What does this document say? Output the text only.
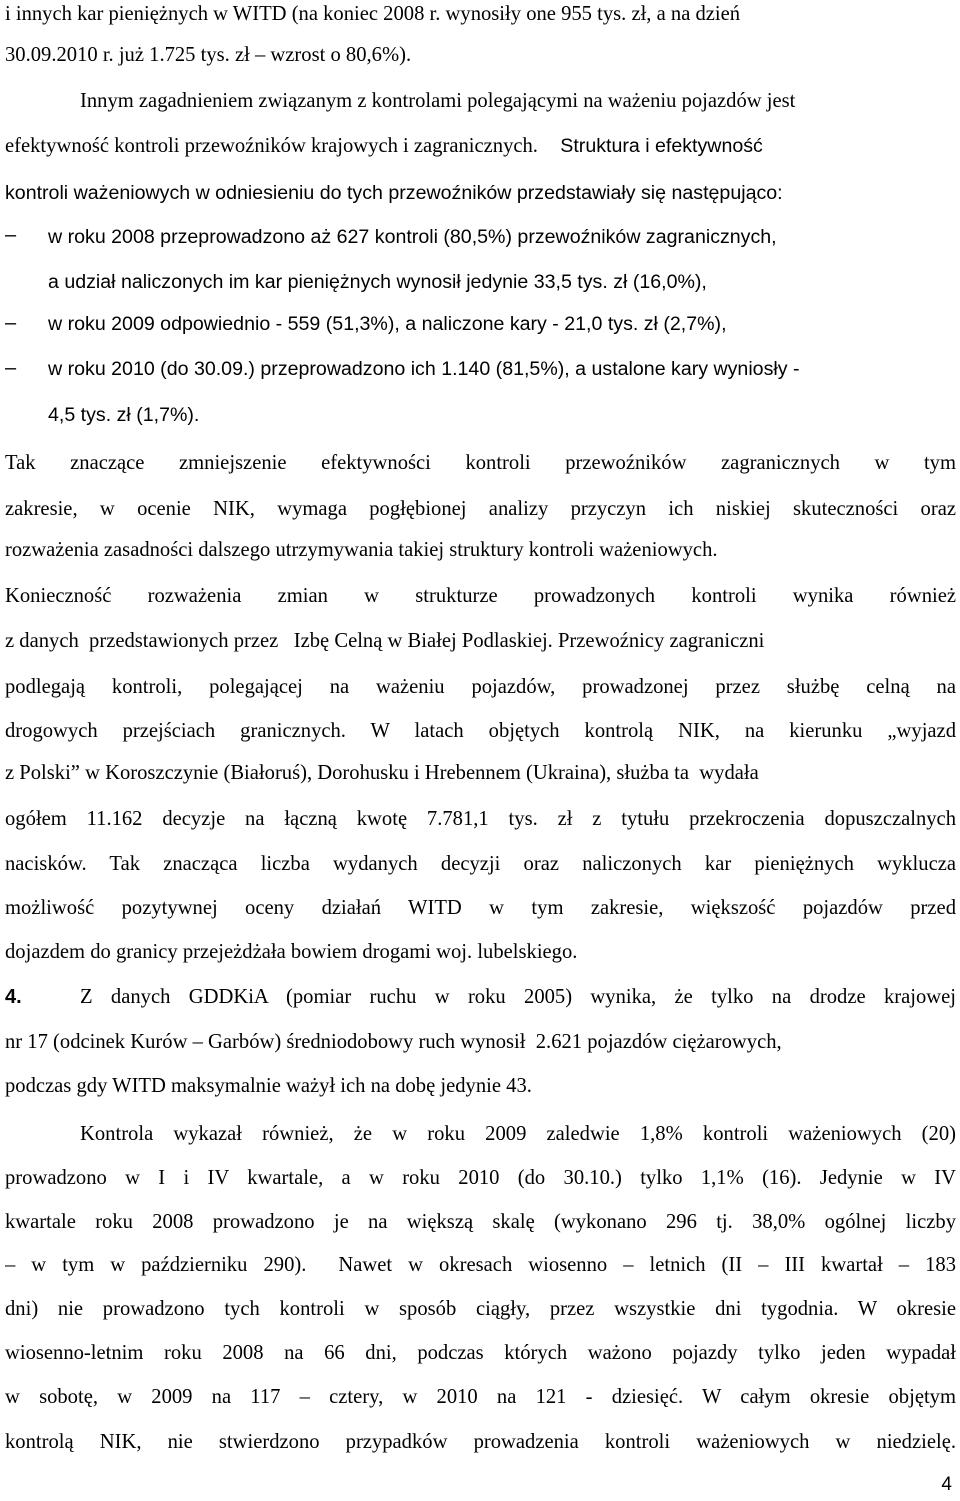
i innych kar pieniężnych w WITD (na koniec 2008 r. wynosiły one 955 tys. zł, a na dzień
30.09.2010 r. już 1.725 tys. zł – wzrost o 80,6%).
Innym zagadnieniem związanym z kontrolami polegającymi na ważeniu pojazdów jest
efektywność kontroli przewoźników krajowych i zagranicznych. Struktura i efektywność
kontroli ważeniowych w odniesieniu do tych przewoźników przedstawiały się następująco:
–	w roku 2008 przeprowadzono aż 627 kontroli (80,5%) przewoźników zagranicznych,
a udział naliczonych im kar pieniężnych wynosił jedynie 33,5 tys. zł (16,0%),
–	w roku 2009 odpowiednio - 559 (51,3%), a naliczone kary - 21,0 tys. zł (2,7%),
–	w roku 2010 (do 30.09.) przeprowadzono ich 1.140 (81,5%), a ustalone kary wyniosły -
4,5 tys. zł (1,7%).
Tak znaczące zmniejszenie efektywności kontroli przewoźników zagranicznych w tym
zakresie, w ocenie NIK, wymaga pogłębionej analizy przyczyn ich niskiej skuteczności oraz
rozważenia zasadności dalszego utrzymywania takiej struktury kontroli ważeniowych.
Konieczność rozważenia zmian w strukturze prowadzonych kontroli wynika również
z danych  przedstawionych przez   Izbę Celną w Białej Podlaskiej. Przewoźnicy zagraniczni
podlegają kontroli, polegającej na ważeniu pojazdów, prowadzonej przez służbę celną na
drogowych przejściach granicznych. W latach objętych kontrolą NIK, na kierunku „wyjazd
z Polski” w Koroszczynie (Białoruś), Dorohusku i Hrebennem (Ukraina), służba ta  wydała
ogółem 11.162 decyzje na łączną kwotę 7.781,1 tys. zł z tytułu przekroczenia dopuszczalnych
nacisków. Tak znacząca liczba wydanych decyzji oraz naliczonych kar pieniężnych wyklucza
możliwość pozytywnej oceny działań WITD w tym zakresie, większość pojazdów przed
dojazdem do granicy przejeżdżała bowiem drogami woj. lubelskiego.
4.	Z danych GDDKiA (pomiar ruchu w roku 2005) wynika, że tylko na drodze krajowej
nr 17 (odcinek Kurów – Garbów) średniodobowy ruch wynosił  2.621 pojazdów ciężarowych,
podczas gdy WITD maksymalnie ważył ich na dobę jedynie 43.
Kontrola wykazał również, że w roku 2009 zaledwie 1,8% kontroli ważeniowych (20)
prowadzono w I i IV kwartale, a w roku 2010 (do 30.10.) tylko 1,1% (16). Jedynie w IV
kwartale roku 2008 prowadzono je na większą skalę (wykonano 296 tj. 38,0% ogólnej liczby
– w tym w październiku 290).  Nawet w okresach wiosenno – letnich (II – III kwartał – 183
dni) nie prowadzono tych kontroli w sposób ciągły, przez wszystkie dni tygodnia. W okresie
wiosenno-letnim roku 2008 na 66 dni, podczas których ważono pojazdy tylko jeden wypadał
w sobotę, w 2009 na 117 – cztery, w 2010 na 121 - dziesięć. W całym okresie objętym
kontrolą NIK, nie stwierdzono przypadków prowadzenia kontroli ważeniowych w niedzielę.
4
